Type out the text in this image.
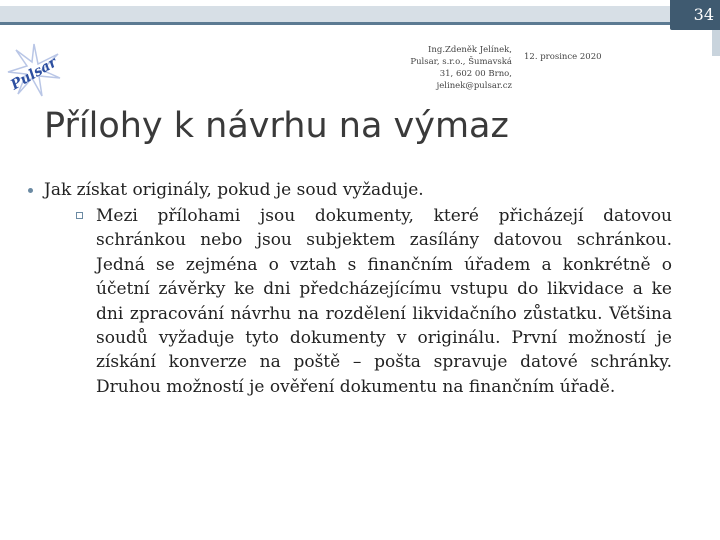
34
Pulsar
Ing.Zdeněk Jelínek,
Pulsar, s.r.o., Šumavská
31, 602 00 Brno,
jelinek@pulsar.cz
12. prosince 2020
Přílohy k návrhu na výmaz
Jak získat originály, pokud je soud vyžaduje.
Mezi přílohami jsou dokumenty, které přicházejí datovou schránkou nebo jsou subjektem zasílány datovou schránkou. Jedná se zejména o vztah s finančním úřadem a konkrétně o účetní závěrky ke dni předcházejícímu vstupu do likvidace a ke dni zpracování návrhu na rozdělení likvidačního zůstatku. Většina soudů vyžaduje tyto dokumenty v originálu. První možností je získání konverze na poště – pošta spravuje datové schránky. Druhou možností je ověření dokumentu na finančním úřadě.
